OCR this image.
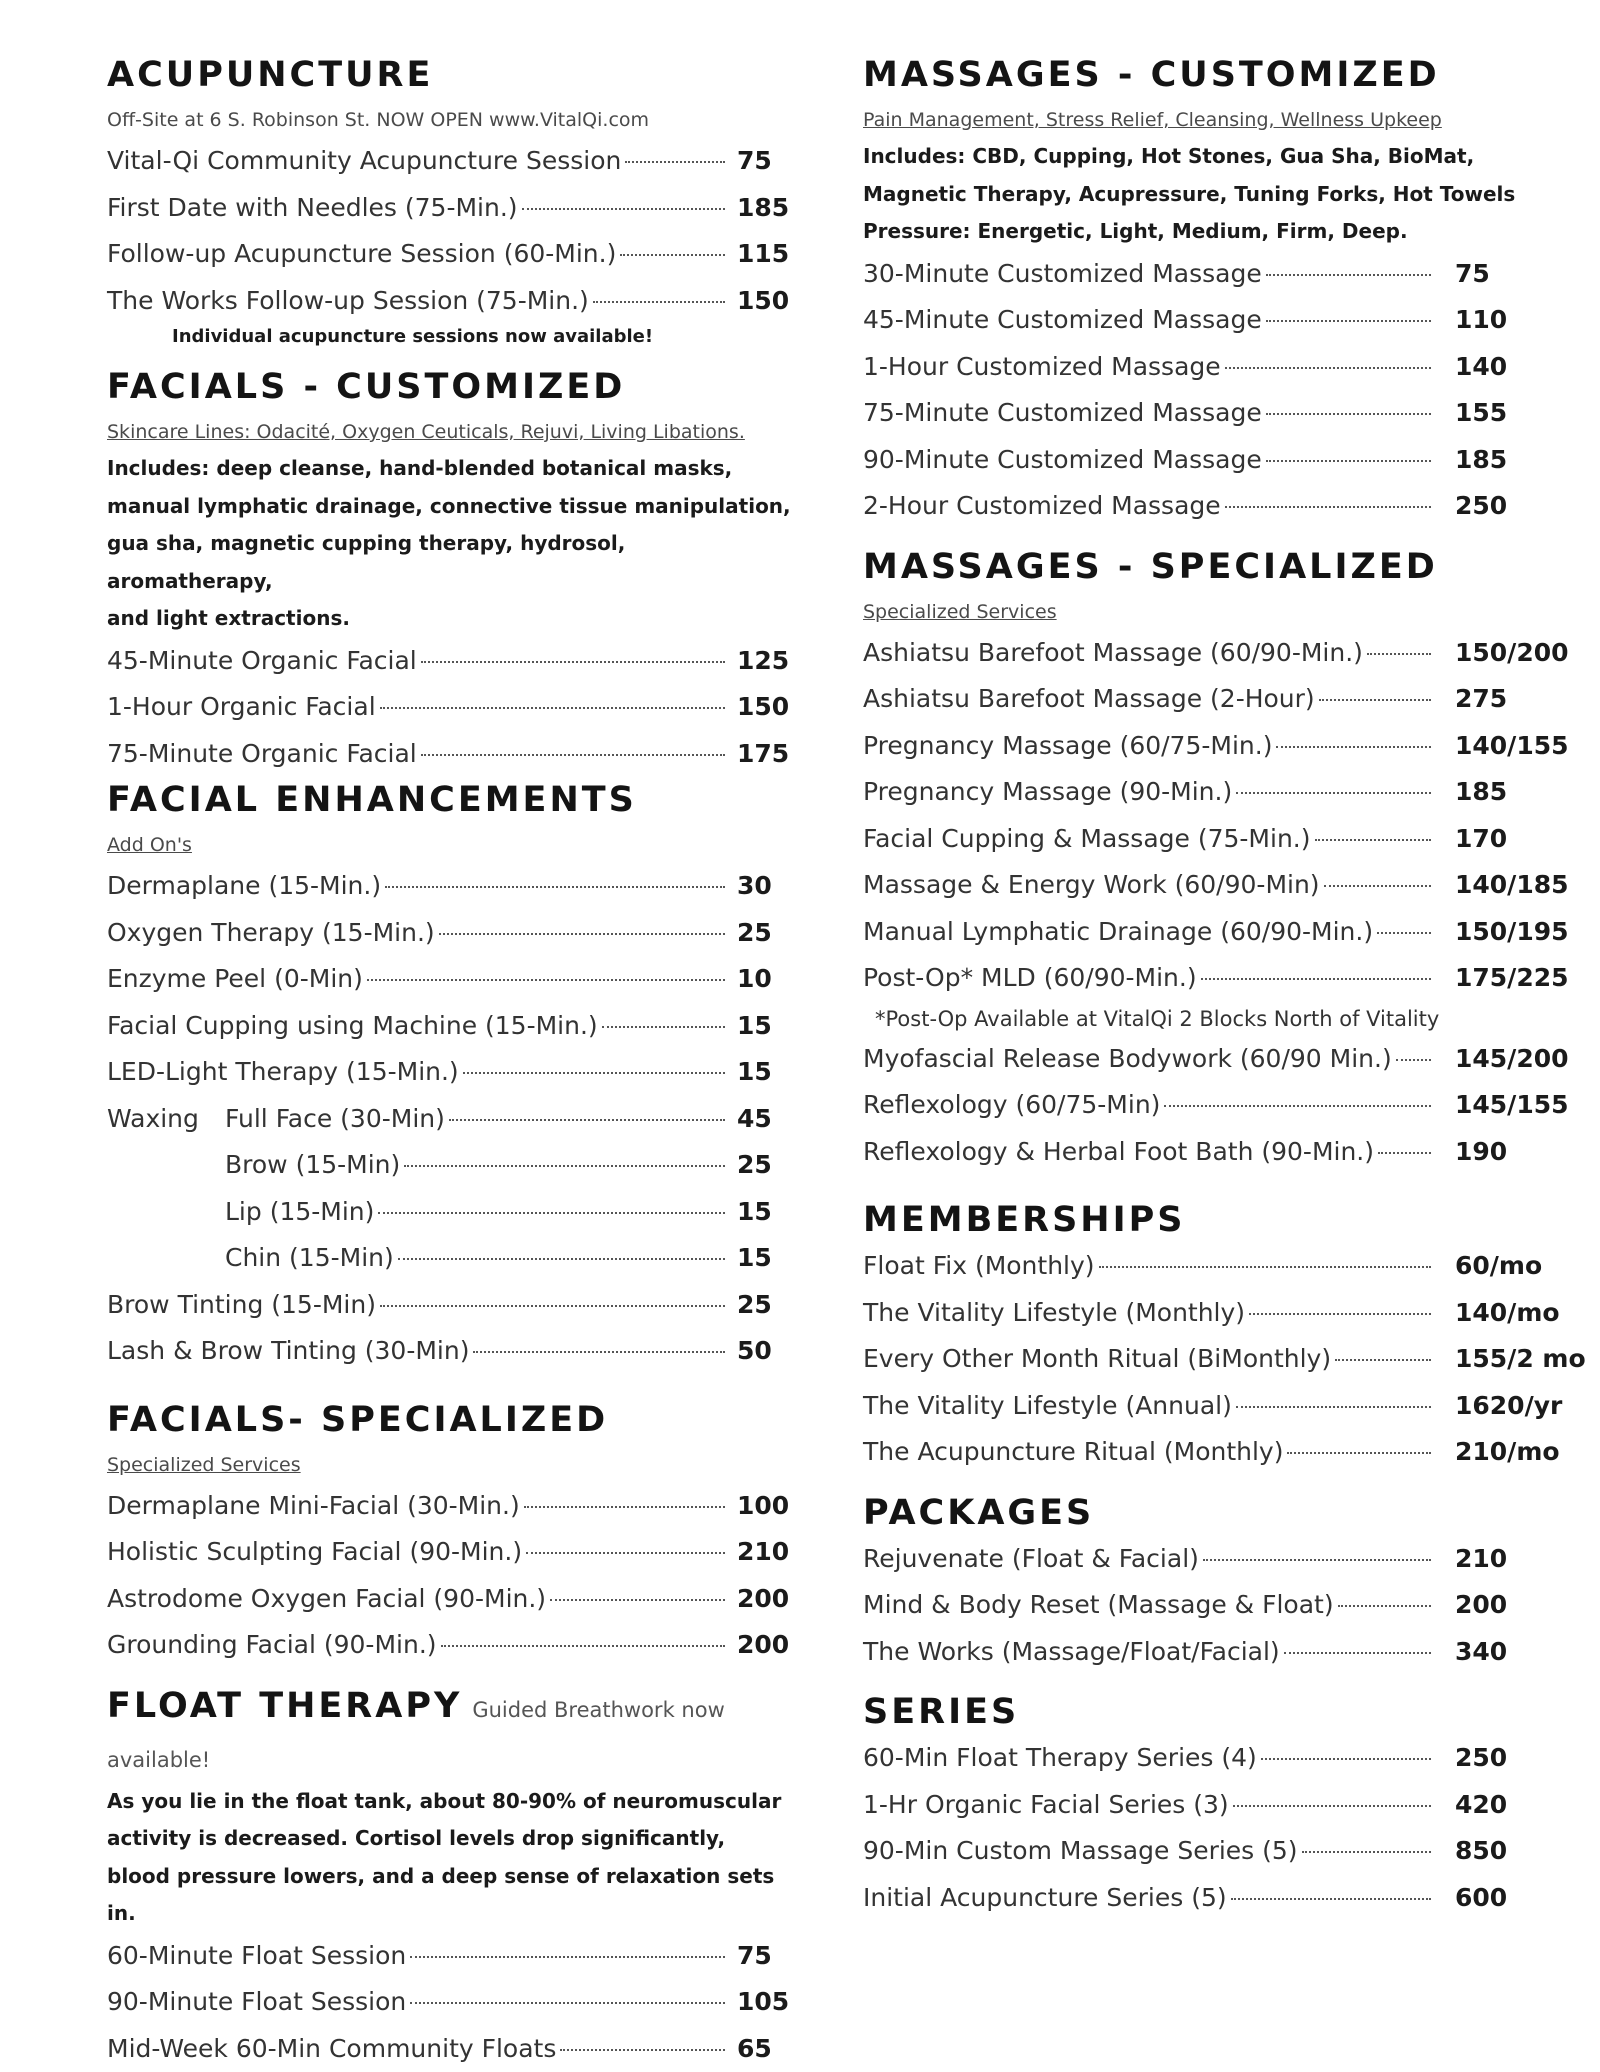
ACUPUNCTURE
Off-Site at 6 S. Robinson St. NOW OPEN www.VitalQi.com
Vital-Qi Community Acupuncture Session	75
First Date with Needles (75-Min.)	185
Follow-up Acupuncture Session (60-Min.)	115
The Works Follow-up Session (75-Min.)	150
Individual acupuncture sessions now available!
FACIALS - CUSTOMIZED
Skincare Lines: Odacité, Oxygen Ceuticals, Rejuvi, Living Libations.
Includes: deep cleanse, hand-blended botanical masks,
manual lymphatic drainage, connective tissue manipulation,
gua sha, magnetic cupping therapy, hydrosol, aromatherapy,
and light extractions.
45-Minute Organic Facial	125
1-Hour Organic Facial	150
75-Minute Organic Facial	175
FACIAL ENHANCEMENTS
Add On's
Dermaplane (15-Min.)	30
Oxygen Therapy (15-Min.)	25
Enzyme Peel (0-Min)	10
Facial Cupping using Machine (15-Min.)	15
LED-Light Therapy (15-Min.)	15
Waxing Full Face (30-Min)	45
Brow (15-Min)	25
Lip (15-Min)	15
Chin (15-Min)	15
Brow Tinting (15-Min)	25
Lash & Brow Tinting (30-Min)	50
FACIALS- SPECIALIZED
Specialized Services
Dermaplane Mini-Facial (30-Min.)	100
Holistic Sculpting Facial (90-Min.)	210
Astrodome Oxygen Facial (90-Min.)	200
Grounding Facial (90-Min.)	200
FLOAT THERAPY Guided Breathwork now available!
As you lie in the float tank, about 80-90% of neuromuscular
activity is decreased. Cortisol levels drop significantly,
blood pressure lowers, and a deep sense of relaxation sets in.
60-Minute Float Session	75
90-Minute Float Session	105
Mid-Week 60-Min Community Floats	65
MASSAGES - CUSTOMIZED
Pain Management, Stress Relief, Cleansing, Wellness Upkeep
Includes: CBD, Cupping, Hot Stones, Gua Sha, BioMat,
Magnetic Therapy, Acupressure, Tuning Forks, Hot Towels
Pressure: Energetic, Light, Medium, Firm, Deep.
30-Minute Customized Massage	75
45-Minute Customized Massage	110
1-Hour Customized Massage	140
75-Minute Customized Massage	155
90-Minute Customized Massage	185
2-Hour Customized Massage	250
MASSAGES - SPECIALIZED
Specialized Services
Ashiatsu Barefoot Massage (60/90-Min.)	150/200
Ashiatsu Barefoot Massage (2-Hour)	275
Pregnancy Massage (60/75-Min.)	140/155
Pregnancy Massage (90-Min.)	185
Facial Cupping & Massage (75-Min.)	170
Massage & Energy Work (60/90-Min)	140/185
Manual Lymphatic Drainage (60/90-Min.)	150/195
Post-Op* MLD (60/90-Min.)	175/225
*Post-Op Available at VitalQi 2 Blocks North of Vitality
Myofascial Release Bodywork (60/90 Min.)	145/200
Reflexology (60/75-Min)	145/155
Reflexology & Herbal Foot Bath (90-Min.)	190
MEMBERSHIPS
Float Fix (Monthly)	60/mo
The Vitality Lifestyle (Monthly)	140/mo
Every Other Month Ritual (BiMonthly)	155/2 mo
The Vitality Lifestyle (Annual)	1620/yr
The Acupuncture Ritual (Monthly)	210/mo
PACKAGES
Rejuvenate (Float & Facial)	210
Mind & Body Reset (Massage & Float)	200
The Works (Massage/Float/Facial)	340
SERIES
60-Min Float Therapy Series (4)	250
1-Hr Organic Facial Series (3)	420
90-Min Custom Massage Series (5)	850
Initial Acupuncture Series (5)	600
